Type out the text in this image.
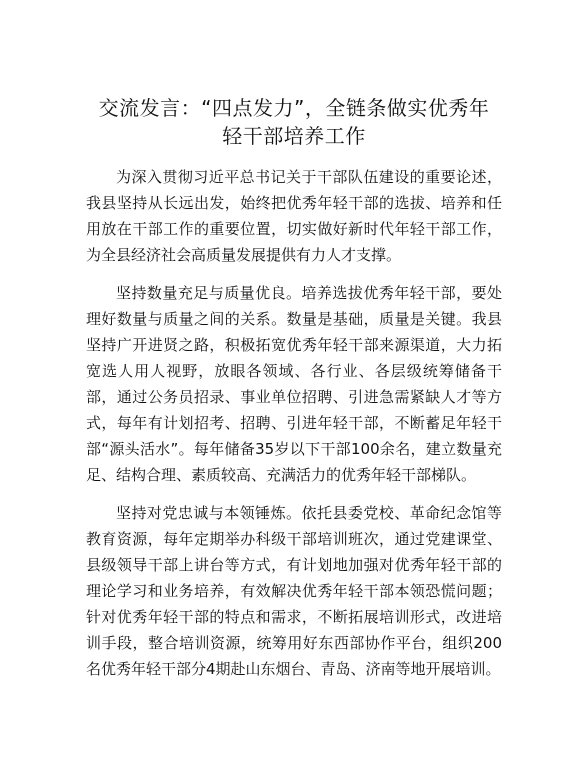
交流发言：“四点发力”，全链条做实优秀年
轻干部培养工作

为深入贯彻习近平总书记关于干部队伍建设的重要论述，我县坚持从长远出发，始终把优秀年轻干部的选拔、培养和任用放在干部工作的重要位置，切实做好新时代年轻干部工作，为全县经济社会高质量发展提供有力人才支撑。

坚持数量充足与质量优良。培养选拔优秀年轻干部，要处理好数量与质量之间的关系。数量是基础，质量是关键。我县坚持广开进贤之路，积极拓宽优秀年轻干部来源渠道，大力拓宽选人用人视野，放眼各领域、各行业、各层级统筹储备干部，通过公务员招录、事业单位招聘、引进急需紧缺人才等方式，每年有计划招考、招聘、引进年轻干部，不断蓄足年轻干部“源头活水”。每年储备35岁以下干部100余名，建立数量充足、结构合理、素质较高、充满活力的优秀年轻干部梯队。

坚持对党忠诚与本领锤炼。依托县委党校、革命纪念馆等教育资源，每年定期举办科级干部培训班次，通过党建课堂、县级领导干部上讲台等方式，有计划地加强对优秀年轻干部的理论学习和业务培养，有效解决优秀年轻干部本领恐慌问题；针对优秀年轻干部的特点和需求，不断拓展培训形式，改进培训手段，整合培训资源，统筹用好东西部协作平台，组织200名优秀年轻干部分4期赴山东烟台、青岛、济南等地开展培训。
